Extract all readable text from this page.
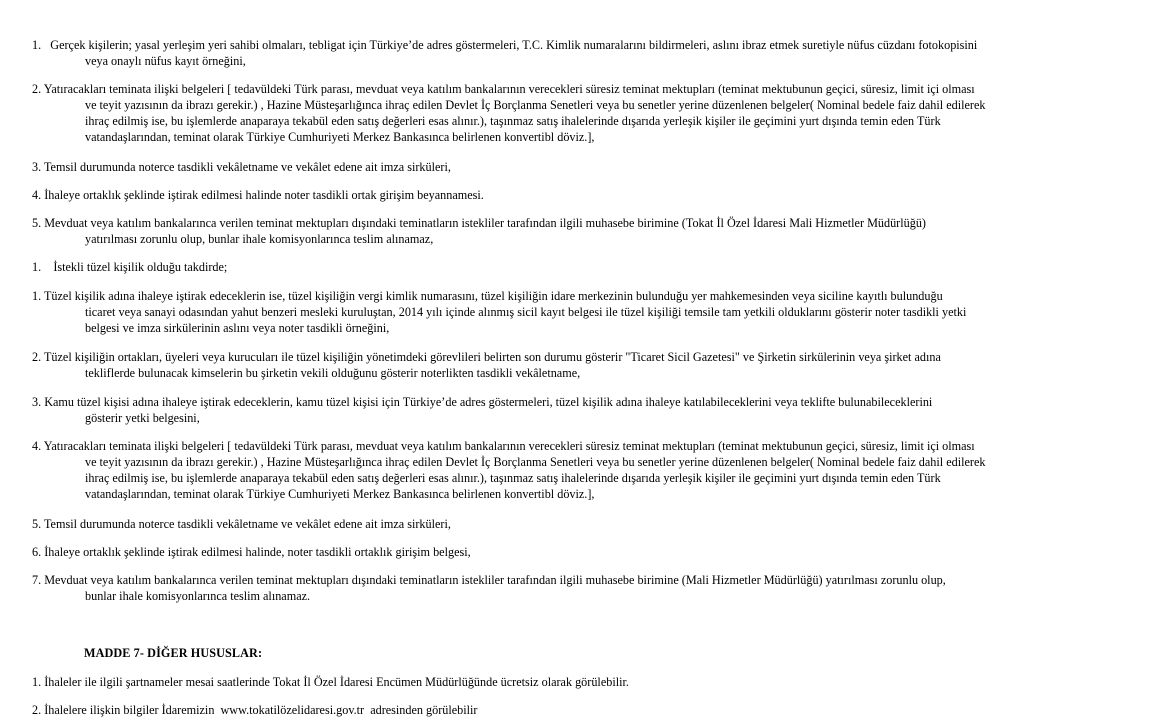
1. Gerçek kişilerin; yasal yerleşim yeri sahibi olmaları, tebligat için Türkiye’de adres göstermeleri, T.C. Kimlik numaralarını bildirmeleri, aslını ibraz etmek suretiyle nüfus cüzdanı fotokopisini
veya onaylı nüfus kayıt örneğini,
2. Yatıracakları teminata ilişki belgeleri [ tedavüldeki Türk parası, mevduat veya katılım bankalarının verecekleri süresiz teminat mektupları (teminat mektubunun geçici, süresiz, limit içi olması
ve teyit yazısının da ibrazı gerekir.) , Hazine Müsteşarlığınca ihraç edilen Devlet İç Borçlanma Senetleri veya bu senetler yerine düzenlenen belgeler( Nominal bedele faiz dahil edilerek
ihraç edilmiş ise, bu işlemlerde anaparaya tekabül eden satış değerleri esas alınır.), taşınmaz satış ihalelerinde dışarıda yerleşik kişiler ile geçimini yurt dışında temin eden Türk
vatandaşlarından, teminat olarak Türkiye Cumhuriyeti Merkez Bankasınca belirlenen konvertibl döviz.],
3. Temsil durumunda noterce tasdikli vekâletname ve vekâlet edene ait imza sirküleri,
4. İhaleye ortaklık şeklinde iştirak edilmesi halinde noter tasdikli ortak girişim beyannamesi.
5. Mevduat veya katılım bankalarınca verilen teminat mektupları dışındaki teminatların istekliler tarafından ilgili muhasebe birimine (Tokat İl Özel İdaresi Mali Hizmetler Müdürlüğü)
yatırılması zorunlu olup, bunlar ihale komisyonlarınca teslim alınamaz,
1. İstekli tüzel kişilik olduğu takdirde;
1. Tüzel kişilik adına ihaleye iştirak edeceklerin ise, tüzel kişiliğin vergi kimlik numarasını, tüzel kişiliğin idare merkezinin bulunduğu yer mahkemesinden veya siciline kayıtlı bulunduğu
ticaret veya sanayi odasından yahut benzeri mesleki kuruluştan, 2014 yılı içinde alınmış sicil kayıt belgesi ile tüzel kişiliği temsile tam yetkili olduklarını gösterir noter tasdikli yetki
belgesi ve imza sirkülerinin aslını veya noter tasdikli örneğini,
2. Tüzel kişiliğin ortakları, üyeleri veya kurucuları ile tüzel kişiliğin yönetimdeki görevlileri belirten son durumu gösterir "Ticaret Sicil Gazetesi" ve Şirketin sirkülerinin veya şirket adına
tekliflerde bulunacak kimselerin bu şirketin vekili olduğunu gösterir noterlikten tasdikli vekâletname,
3. Kamu tüzel kişisi adına ihaleye iştirak edeceklerin, kamu tüzel kişisi için Türkiye’de adres göstermeleri, tüzel kişilik adına ihaleye katılabileceklerini veya teklifte bulunabileceklerini
gösterir yetki belgesini,
4. Yatıracakları teminata ilişki belgeleri [ tedavüldeki Türk parası, mevduat veya katılım bankalarının verecekleri süresiz teminat mektupları (teminat mektubunun geçici, süresiz, limit içi olması
ve teyit yazısının da ibrazı gerekir.) , Hazine Müsteşarlığınca ihraç edilen Devlet İç Borçlanma Senetleri veya bu senetler yerine düzenlenen belgeler( Nominal bedele faiz dahil edilerek
ihraç edilmiş ise, bu işlemlerde anaparaya tekabül eden satış değerleri esas alınır.), taşınmaz satış ihalelerinde dışarıda yerleşik kişiler ile geçimini yurt dışında temin eden Türk
vatandaşlarından, teminat olarak Türkiye Cumhuriyeti Merkez Bankasınca belirlenen konvertibl döviz.],
5. Temsil durumunda noterce tasdikli vekâletname ve vekâlet edene ait imza sirküleri,
6. İhaleye ortaklık şeklinde iştirak edilmesi halinde, noter tasdikli ortaklık girişim belgesi,
7. Mevduat veya katılım bankalarınca verilen teminat mektupları dışındaki teminatların istekliler tarafından ilgili muhasebe birimine (Mali Hizmetler Müdürlüğü) yatırılması zorunlu olup,
bunlar ihale komisyonlarınca teslim alınamaz.
MADDE 7- DİĞER HUSUSLAR:
1. İhaleler ile ilgili şartnameler mesai saatlerinde Tokat İl Özel İdaresi Encümen Müdürlüğünde ücretsiz olarak görülebilir.
2. İhalelere ilişkin bilgiler İdaremizin  www.tokatilözelidaresi.gov.tr  adresinden görülebilir
